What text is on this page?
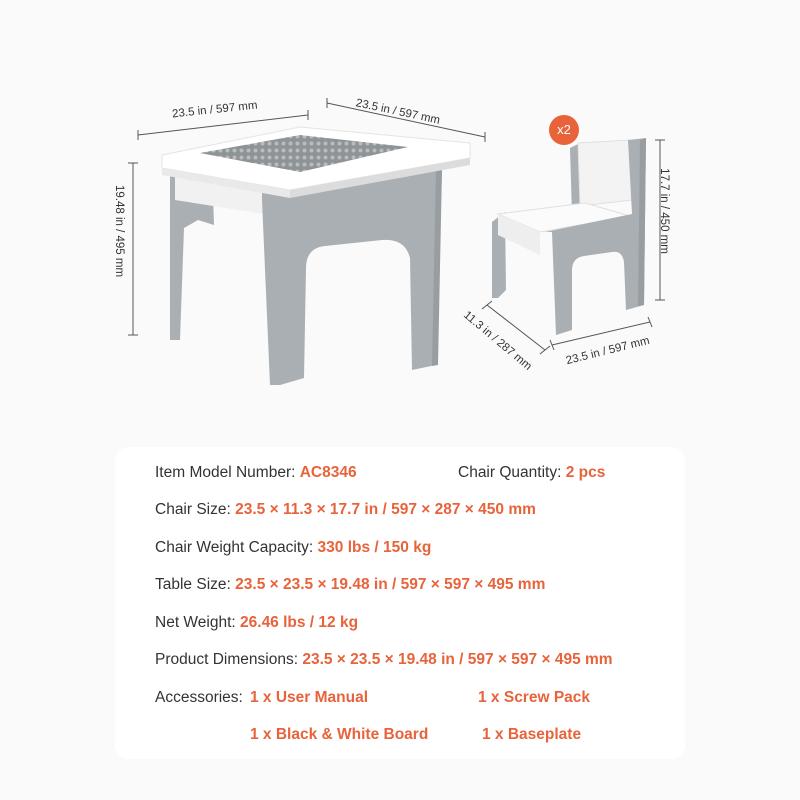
23.5 in / 597 mm	23.5 in / 597 mm
19.48 in / 495 mm	17.7 in / 450 mm
11.3 in / 287 mm	23.5 in / 597 mm
x2
Item Model Number: AC8346	Chair Quantity: 2 pcs
Chair Size: 23.5 × 11.3 × 17.7 in / 597 × 287 × 450 mm
Chair Weight Capacity: 330 lbs / 150 kg
Table Size: 23.5 × 23.5 × 19.48 in / 597 × 597 × 495 mm
Net Weight: 26.46 lbs / 12 kg
Product Dimensions: 23.5 × 23.5 × 19.48 in / 597 × 597 × 495 mm
Accessories: 1 x User Manual	1 x Screw Pack
1 x Black & White Board	1 x Baseplate
